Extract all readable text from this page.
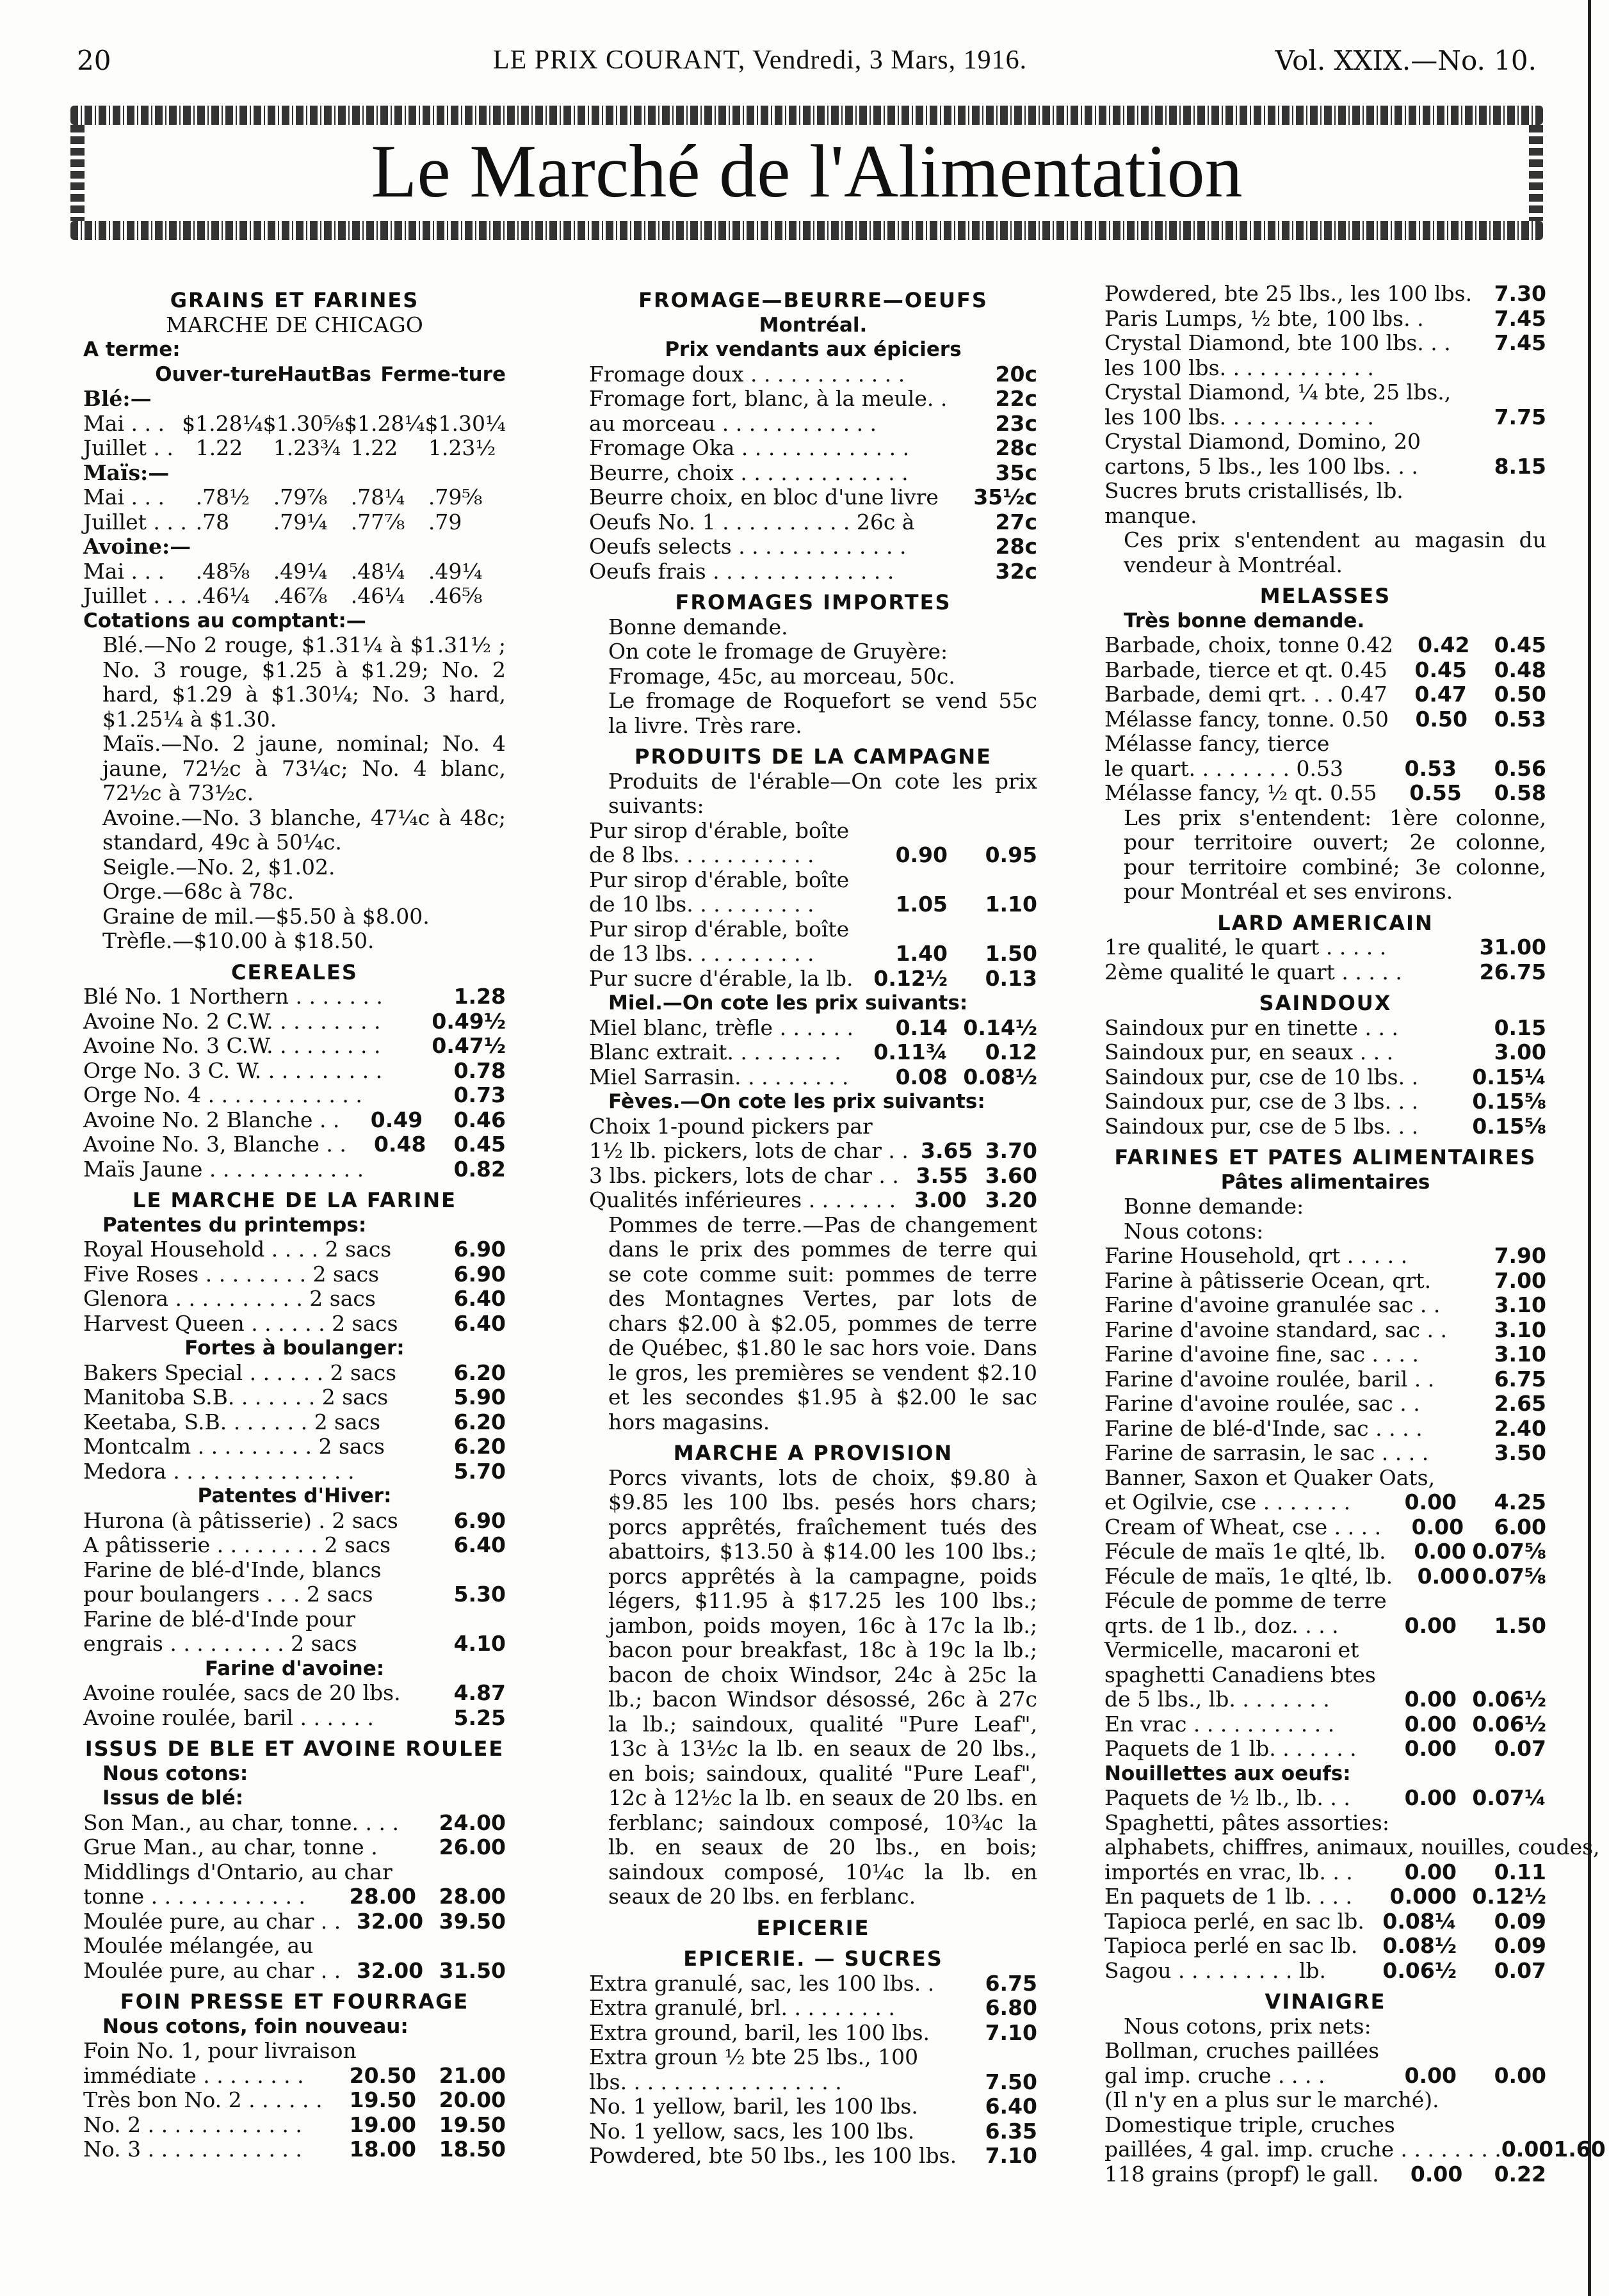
20	LE PRIX COURANT, Vendredi, 3 Mars, 1916.	Vol. XXIX.—No. 10.
Le Marché de l'Alimentation
GRAINS ET FARINES
MARCHE DE CHICAGO
A terme:
Ouver-ture Haut Bas Ferme-ture
Blé:—
Mai . . . $1.28¼ $1.30⅝ $1.28¼ $1.30¼
Juillet . .	1.22	1.23¾ 1.22	1.23½
Maïs:—
Mai . . .	.78½	.79⅞	.78¼	.79⅝
Juillet . . . .78	.79¼	.77⅞	.79
Avoine:—
Mai . . .	.48⅝	.49¼	.48¼	.49¼
Juillet . . . .46¼	.46⅞	.46¼	.46⅝
Cotations au comptant:—
Blé.—No 2 rouge, $1.31¼ à $1.31½ ; No. 3 rouge, $1.25 à $1.29; No. 2 hard, $1.29 à $1.30¼; No. 3 hard, $1.25¼ à $1.30.
Maïs.—No. 2 jaune, nominal; No. 4 jaune, 72½c à 73¼c; No. 4 blanc, 72½c à 73½c.
Avoine.—No. 3 blanche, 47¼c à 48c; standard, 49c à 50¼c.
Seigle.—No. 2, $1.02.
Orge.—68c à 78c.
Graine de mil.—$5.50 à $8.00.
Trèfle.—$10.00 à $18.50.
CEREALES
Blé No. 1 Northern . . . . . . .	1.28
Avoine No. 2 C.W. . . . . . . . . 0.49½
Avoine No. 3 C.W. . . . . . . . . 0.47½
Orge No. 3 C. W. . . . . . . . . .	0.78
Orge No. 4 . . . . . . . . . . . .	0.73
Avoine No. 2 Blanche . .	0.49	0.46
Avoine No. 3, Blanche . .	0.48	0.45
Maïs Jaune . . . . . . . . . . . .	0.82
LE MARCHE DE LA FARINE
Patentes du printemps:
Royal Household . . . . 2 sacs	6.90
Five Roses . . . . . . . . 2 sacs	6.90
Glenora . . . . . . . . . . 2 sacs	6.40
Harvest Queen . . . . . . 2 sacs	6.40
Fortes à boulanger:
Bakers Special . . . . . . 2 sacs	6.20
Manitoba S.B. . . . . . . 2 sacs	5.90
Keetaba, S.B. . . . . . . 2 sacs	6.20
Montcalm . . . . . . . . . 2 sacs	6.20
Medora . . . . . . . . . . . . . .	5.70
Patentes d'Hiver:
Hurona (à pâtisserie) . 2 sacs	6.90
A pâtisserie . . . . . . . . 2 sacs	6.40
Farine de blé-d'Inde, blancs
pour boulangers . . . 2 sacs	5.30
Farine de blé-d'Inde pour
engrais . . . . . . . . . 2 sacs	4.10
Farine d'avoine:
Avoine roulée, sacs de 20 lbs.	4.87
Avoine roulée, baril . . . . . .	5.25
ISSUS DE BLE ET AVOINE ROULEE
Nous cotons:
Issus de blé:
Son Man., au char, tonne. . . . 24.00
Grue Man., au char, tonne .	26.00
Middlings d'Ontario, au char
tonne . . . . . . . . . . . .	28.00	28.00
Moulée pure, au char . . 32.00 39.50
Moulée mélangée, au
Moulée pure, au char . . 32.00 31.50
FOIN PRESSE ET FOURRAGE
Nous cotons, foin nouveau:
Foin No. 1, pour livraison
immédiate . . . . . . . .	20.50	21.00
Très bon No. 2 . . . . . .	19.50	20.00
No. 2 . . . . . . . . . . . .	19.00	19.50
No. 3 . . . . . . . . . . . .	18.00	18.50
FROMAGE—BEURRE—OEUFS
Montréal.
Prix vendants aux épiciers
Fromage doux . . . . . . . . . . . .	20c
Fromage fort, blanc, à la meule. .	22c
au morceau . . . . . . . . . . . .	23c
Fromage Oka . . . . . . . . . . . . .	28c
Beurre, choix . . . . . . . . . . . . .	35c
Beurre choix, en bloc d'une livre	35½c
Oeufs No. 1 . . . . . . . . . . 26c à	27c
Oeufs selects . . . . . . . . . . . . .	28c
Oeufs frais . . . . . . . . . . . . . .	32c
FROMAGES IMPORTES
Bonne demande.
On cote le fromage de Gruyère:
Fromage, 45c, au morceau, 50c.
Le fromage de Roquefort se vend 55c la livre. Très rare.
PRODUITS DE LA CAMPAGNE
Produits de l'érable—On cote les prix suivants:
Pur sirop d'érable, boîte
de 8 lbs. . . . . . . . . . .	0.90	0.95
Pur sirop d'érable, boîte
de 10 lbs. . . . . . . . . .	1.05	1.10
Pur sirop d'érable, boîte
de 13 lbs. . . . . . . . . .	1.40	1.50
Pur sucre d'érable, la lb. 0.12½	0.13
Miel.—On cote les prix suivants:
Miel blanc, trèfle . . . . . .	0.14 0.14½
Blanc extrait. . . . . . . . .	0.11¾	0.12
Miel Sarrasin. . . . . . . . .	0.08 0.08½
Fèves.—On cote les prix suivants:
Choix 1-pound pickers par
1½ lb. pickers, lots de char . . 3.65 3.70
3 lbs. pickers, lots de char . . 3.55 3.60
Qualités inférieures . . . . . . . 3.00 3.20
Pommes de terre.—Pas de changement dans le prix des pommes de terre qui se cote comme suit: pommes de terre des Montagnes Vertes, par lots de chars $2.00 à $2.05, pommes de terre de Québec, $1.80 le sac hors voie. Dans le gros, les premières se vendent $2.10 et les secondes $1.95 à $2.00 le sac hors magasins.
MARCHE A PROVISION
Porcs vivants, lots de choix, $9.80 à $9.85 les 100 lbs. pesés hors chars; porcs apprêtés, fraîchement tués des abattoirs, $13.50 à $14.00 les 100 lbs.; porcs apprêtés à la campagne, poids légers, $11.95 à $17.25 les 100 lbs.; jambon, poids moyen, 16c à 17c la lb.; bacon pour breakfast, 18c à 19c la lb.; bacon de choix Windsor, 24c à 25c la lb.; bacon Windsor désossé, 26c à 27c la lb.; saindoux, qualité "Pure Leaf", 13c à 13½c la lb. en seaux de 20 lbs., en bois; saindoux, qualité "Pure Leaf", 12c à 12½c la lb. en seaux de 20 lbs. en ferblanc; saindoux composé, 10¾c la lb. en seaux de 20 lbs., en bois; saindoux composé, 10¼c la lb. en seaux de 20 lbs. en ferblanc.
EPICERIE
EPICERIE. — SUCRES
Extra granulé, sac, les 100 lbs. .	6.75
Extra granulé, brl. . . . . . . . .	6.80
Extra ground, baril, les 100 lbs.	7.10
Extra groun ½ bte 25 lbs., 100
lbs. . . . . . . . . . . . . . . . .	7.50
No. 1 yellow, baril, les 100 lbs.	6.40
No. 1 yellow, sacs, les 100 lbs.	6.35
Powdered, bte 50 lbs., les 100 lbs.	7.10
Powdered, bte 25 lbs., les 100 lbs.	7.30
Paris Lumps, ½ bte, 100 lbs. .	7.45
Crystal Diamond, bte 100 lbs. . .	7.45
les 100 lbs. . . . . . . . . . . .
Crystal Diamond, ¼ bte, 25 lbs.,
les 100 lbs. . . . . . . . . . . .	7.75
Crystal Diamond, Domino, 20
cartons, 5 lbs., les 100 lbs. . .	8.15
Sucres bruts cristallisés, lb.
manque.
Ces prix s'entendent au magasin du vendeur à Montréal.
MELASSES
Très bonne demande.
Barbade, choix, tonne 0.42	0.42	0.45
Barbade, tierce et qt. 0.45	0.45	0.48
Barbade, demi qrt. . . 0.47	0.47	0.50
Mélasse fancy, tonne. 0.50	0.50	0.53
Mélasse fancy, tierce
le quart. . . . . . . . 0.53	0.53	0.56
Mélasse fancy, ½ qt. 0.55	0.55	0.58
Les prix s'entendent: 1ère colonne, pour territoire ouvert; 2e colonne, pour territoire combiné; 3e colonne, pour Montréal et ses environs.
LARD AMERICAIN
1re qualité, le quart . . . . .	31.00
2ème qualité le quart . . . . .	26.75
SAINDOUX
Saindoux pur en tinette . . .	0.15
Saindoux pur, en seaux . . .	3.00
Saindoux pur, cse de 10 lbs. .	0.15¼
Saindoux pur, cse de 3 lbs. . .	0.15⅝
Saindoux pur, cse de 5 lbs. . .	0.15⅝
FARINES ET PATES ALIMENTAIRES
Pâtes alimentaires
Bonne demande:
Nous cotons:
Farine Household, qrt . . . . .	7.90
Farine à pâtisserie Ocean, qrt.	7.00
Farine d'avoine granulée sac . .	3.10
Farine d'avoine standard, sac . . 3.10
Farine d'avoine fine, sac . . . .	3.10
Farine d'avoine roulée, baril . .	6.75
Farine d'avoine roulée, sac . .	2.65
Farine de blé-d'Inde, sac . . . .	2.40
Farine de sarrasin, le sac . . . .	3.50
Banner, Saxon et Quaker Oats,
et Ogilvie, cse . . . . . . .	0.00	4.25
Cream of Wheat, cse . . . .	0.00	6.00
Fécule de maïs 1e qlté, lb.	0.00 0.07⅝
Fécule de maïs, 1e qlté, lb.	0.00 0.07⅝
Fécule de pomme de terre
qrts. de 1 lb., doz. . . .	0.00	1.50
Vermicelle, macaroni et
spaghetti Canadiens btes
de 5 lbs., lb. . . . . . . .	0.00 0.06½
En vrac . . . . . . . . . . .	0.00 0.06½
Paquets de 1 lb. . . . . . .	0.00	0.07
Nouillettes aux oeufs:
Paquets de ½ lb., lb. . .	0.00 0.07¼
Spaghetti, pâtes assorties:
alphabets, chiffres, animaux, nouilles, coudes,
importés en vrac, lb. . .	0.00	0.11
En paquets de 1 lb. . . .	0.000 0.12½
Tapioca perlé, en sac lb. 0.08¼	0.09
Tapioca perlé en sac lb.	0.08½	0.09
Sagou . . . . . . . . . lb.	0.06½	0.07
VINAIGRE
Nous cotons, prix nets:
Bollman, cruches paillées
gal imp. cruche . . . .	0.00	0.00
(Il n'y en a plus sur le marché).
Domestique triple, cruches
paillées, 4 gal. imp. cruche . . . . . . . . 0.00 1.60
118 grains (propf) le gall.	0.00	0.22
